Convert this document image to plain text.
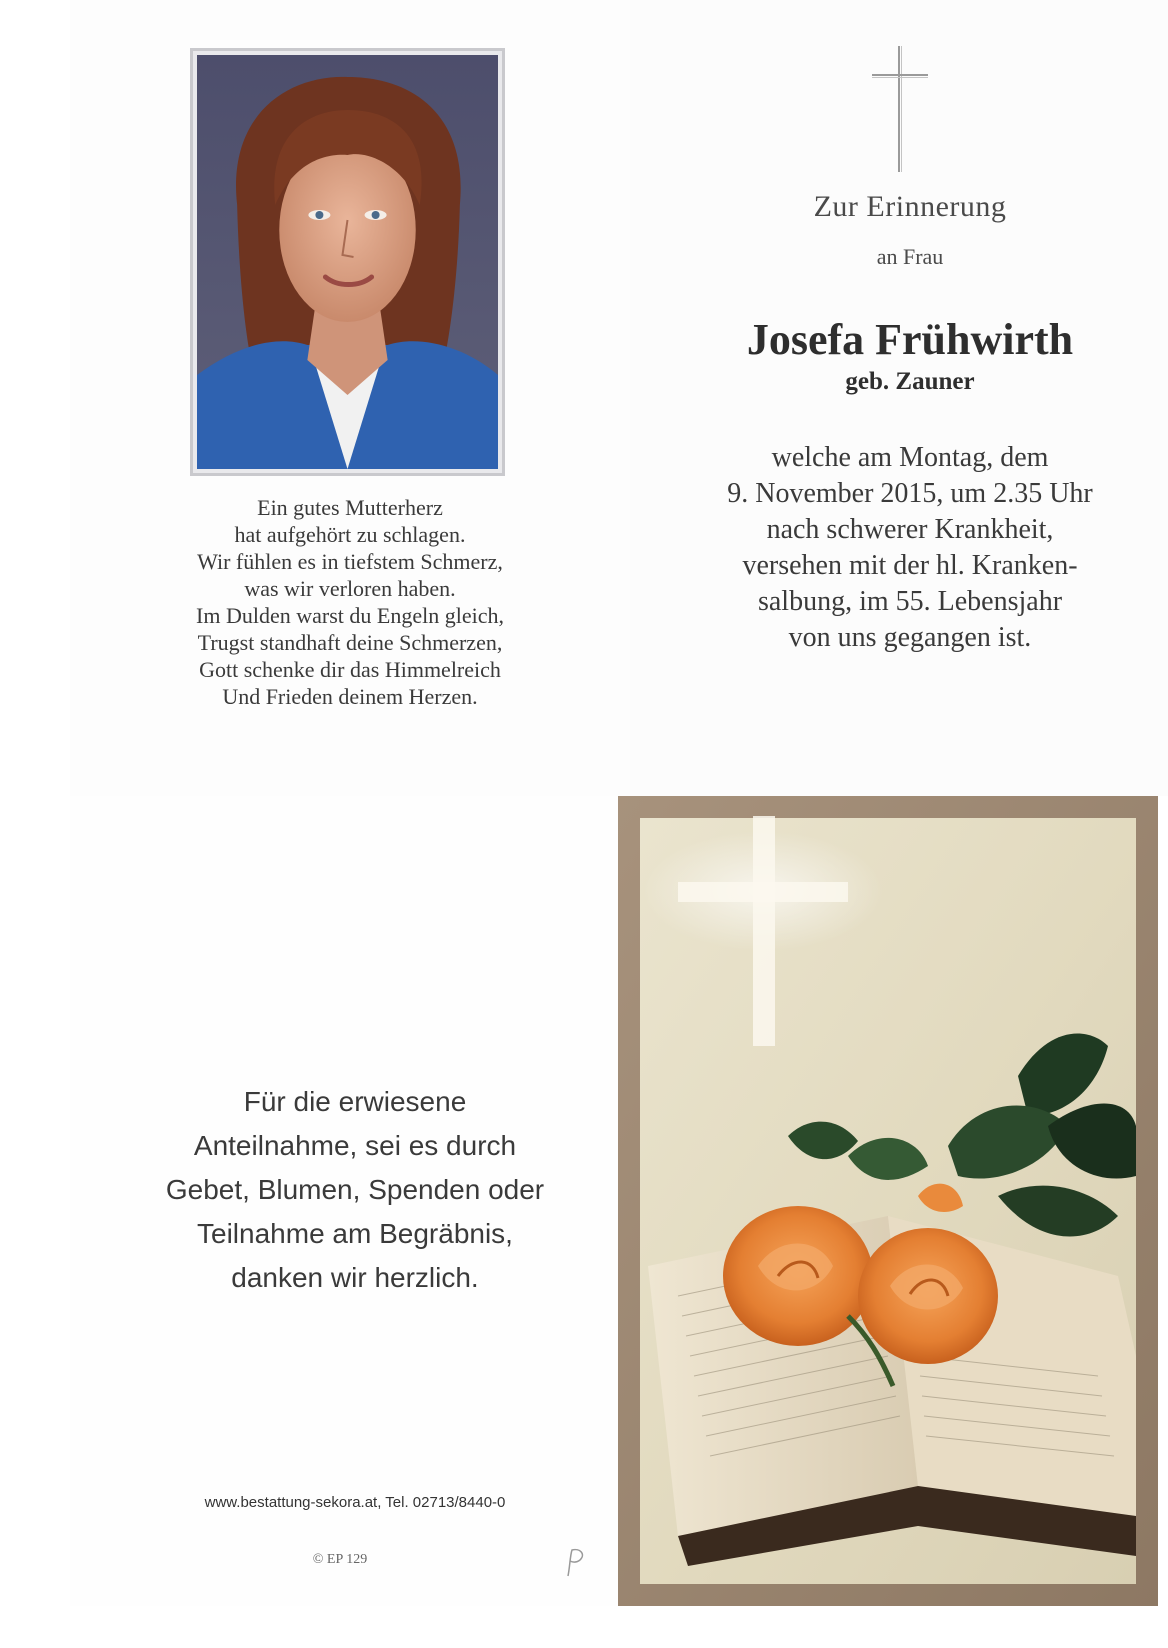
Ein gutes Mutterherz
hat aufgehört zu schlagen.
Wir fühlen es in tiefstem Schmerz,
was wir verloren haben.
Im Dulden warst du Engeln gleich,
Trugst standhaft deine Schmerzen,
Gott schenke dir das Himmelreich
Und Frieden deinem Herzen.
Zur Erinnerung
an Frau
Josefa Frühwirth
geb. Zauner
welche am Montag, dem
9. November 2015, um 2.35 Uhr
nach schwerer Krankheit,
versehen mit der hl. Kranken-
salbung, im 55. Lebensjahr
von uns gegangen ist.
Für die erwiesene
Anteilnahme, sei es durch
Gebet, Blumen, Spenden oder
Teilnahme am Begräbnis,
danken wir herzlich.
www.bestattung-sekora.at, Tel. 02713/8440-0
© EP 129
